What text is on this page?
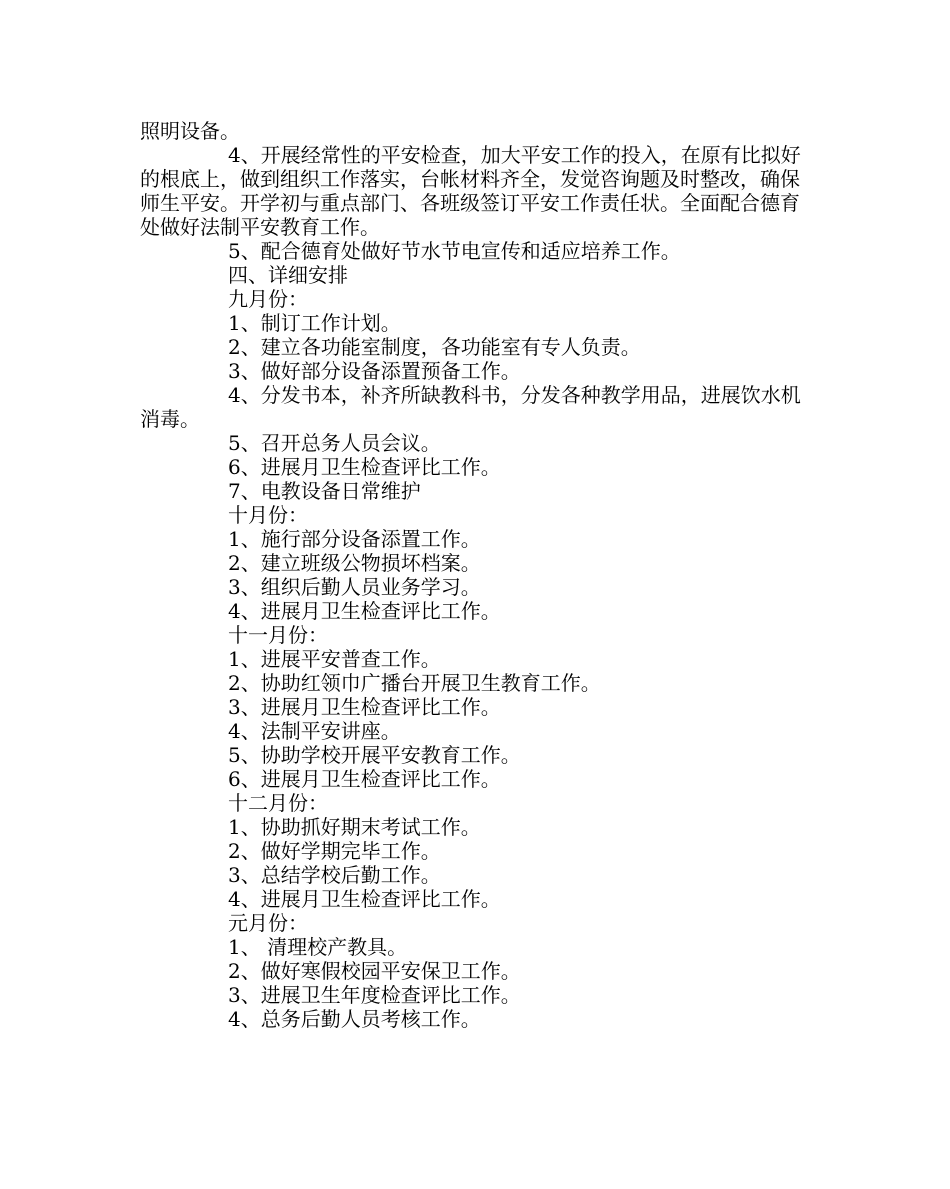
照明设备。

4、开展经常性的平安检查，加大平安工作的投入，在原有比拟好的根底上，做到组织工作落实，台帐材料齐全，发觉咨询题及时整改，确保师生平安。开学初与重点部门、各班级签订平安工作责任状。全面配合德育处做好法制平安教育工作。

5、配合德育处做好节水节电宣传和适应培养工作。

四、详细安排

九月份：

1、制订工作计划。

2、建立各功能室制度，各功能室有专人负责。

3、做好部分设备添置预备工作。

4、分发书本，补齐所缺教科书，分发各种教学用品，进展饮水机消毒。

5、召开总务人员会议。

6、进展月卫生检查评比工作。

7、电教设备日常维护

十月份：

1、施行部分设备添置工作。

2、建立班级公物损坏档案。

3、组织后勤人员业务学习。

4、进展月卫生检查评比工作。

十一月份：

1、进展平安普查工作。

2、协助红领巾广播台开展卫生教育工作。

3、进展月卫生检查评比工作。

4、法制平安讲座。

5、协助学校开展平安教育工作。

6、进展月卫生检查评比工作。

十二月份：

1、协助抓好期末考试工作。

2、做好学期完毕工作。

3、总结学校后勤工作。

4、进展月卫生检查评比工作。

元月份：

1、 清理校产教具。

2、做好寒假校园平安保卫工作。

3、进展卫生年度检查评比工作。

4、总务后勤人员考核工作。
